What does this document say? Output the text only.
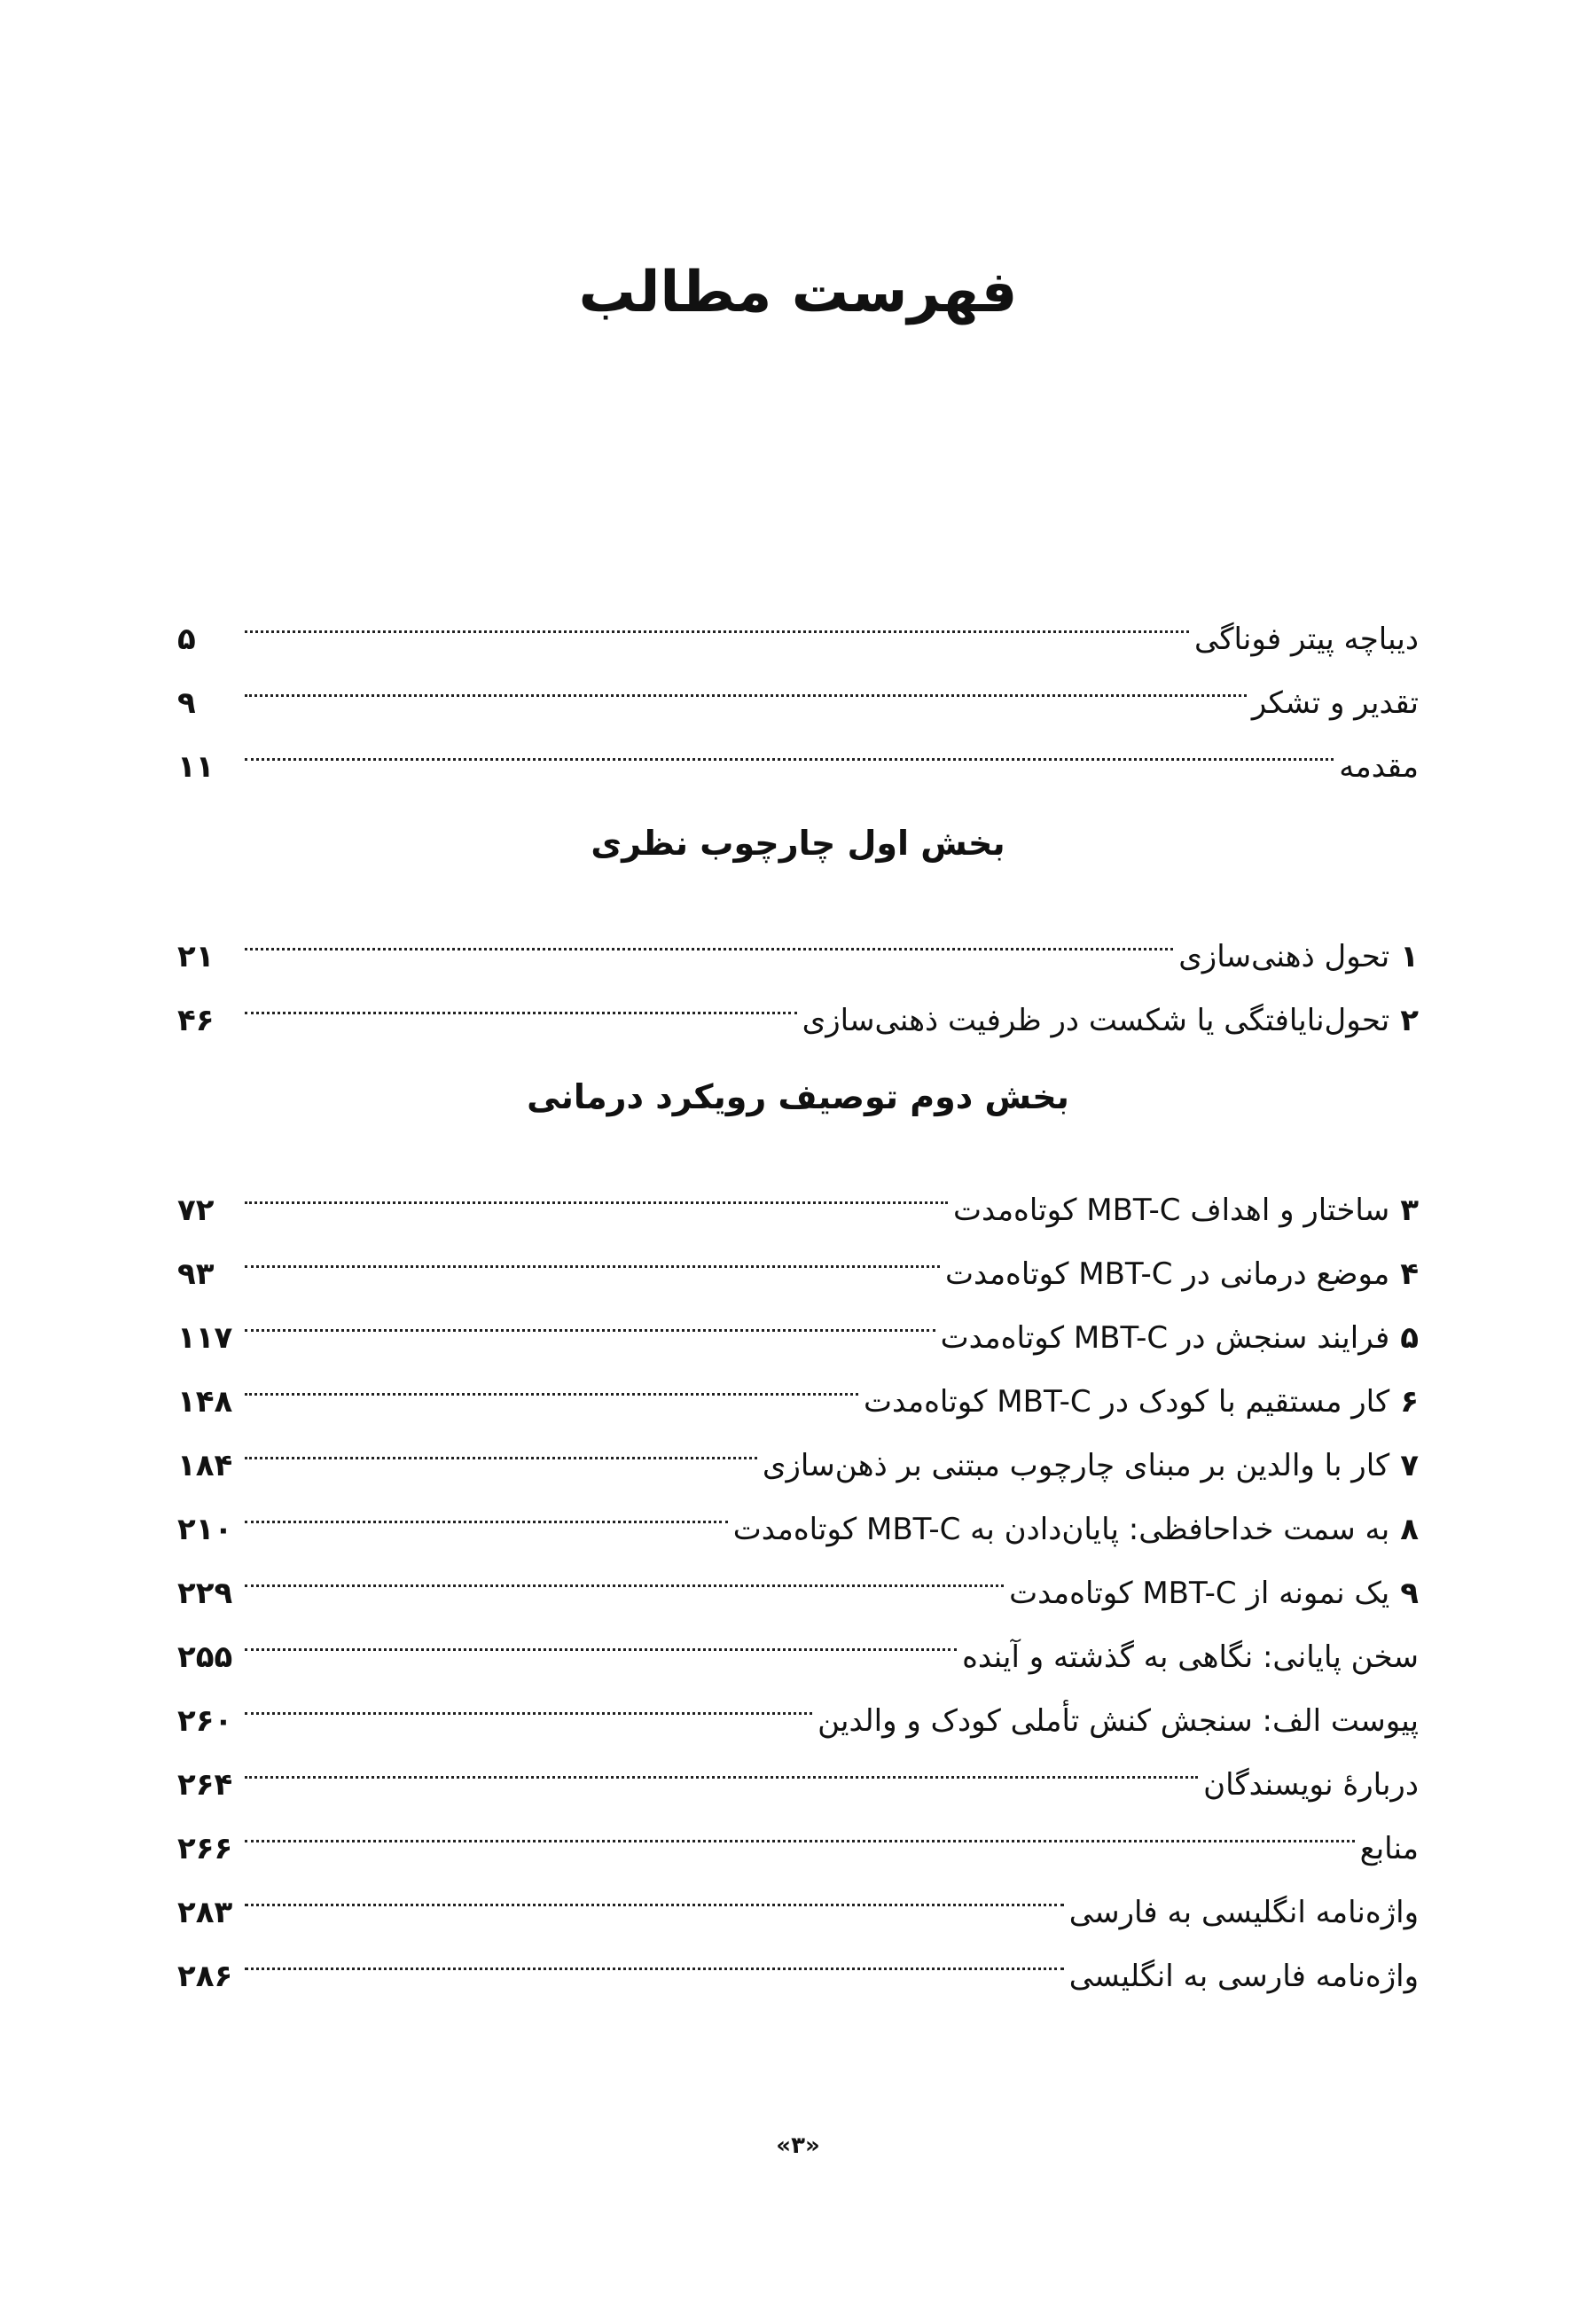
فهرست مطالب
دیباچه پیتر فوناگی
۵
تقدیر و تشکر
۹
مقدمه
۱۱
بخش اول چارچوب نظری
۱
تحول ذهنی‌سازی
۲۱
۲
تحول‌نایافتگی یا شکست در ظرفیت ذهنی‌سازی
۴۶
بخش دوم توصیف رویکرد درمانی
۳
ساختار و اهداف MBT-C کوتاه‌مدت
۷۲
۴
موضع درمانی در MBT-C کوتاه‌مدت
۹۳
۵
فرایند سنجش در MBT-C کوتاه‌مدت
۱۱۷
۶
کار مستقیم با کودک در MBT-C کوتاه‌مدت
۱۴۸
۷
کار با والدین بر مبنای چارچوب مبتنی بر ذهن‌سازی
۱۸۴
۸
به سمت خداحافظی: پایان‌دادن به MBT-C کوتاه‌مدت
۲۱۰
۹
یک نمونه از MBT-C کوتاه‌مدت
۲۲۹
سخن پایانی: نگاهی به گذشته و آینده
۲۵۵
پیوست الف: سنجش کنش تأملی کودک و والدین
۲۶۰
دربارۀ نویسندگان
۲۶۴
منابع
۲۶۶
واژه‌نامه انگلیسی به فارسی
۲۸۳
واژه‌نامه فارسی به انگلیسی
۲۸۶
«۳»
